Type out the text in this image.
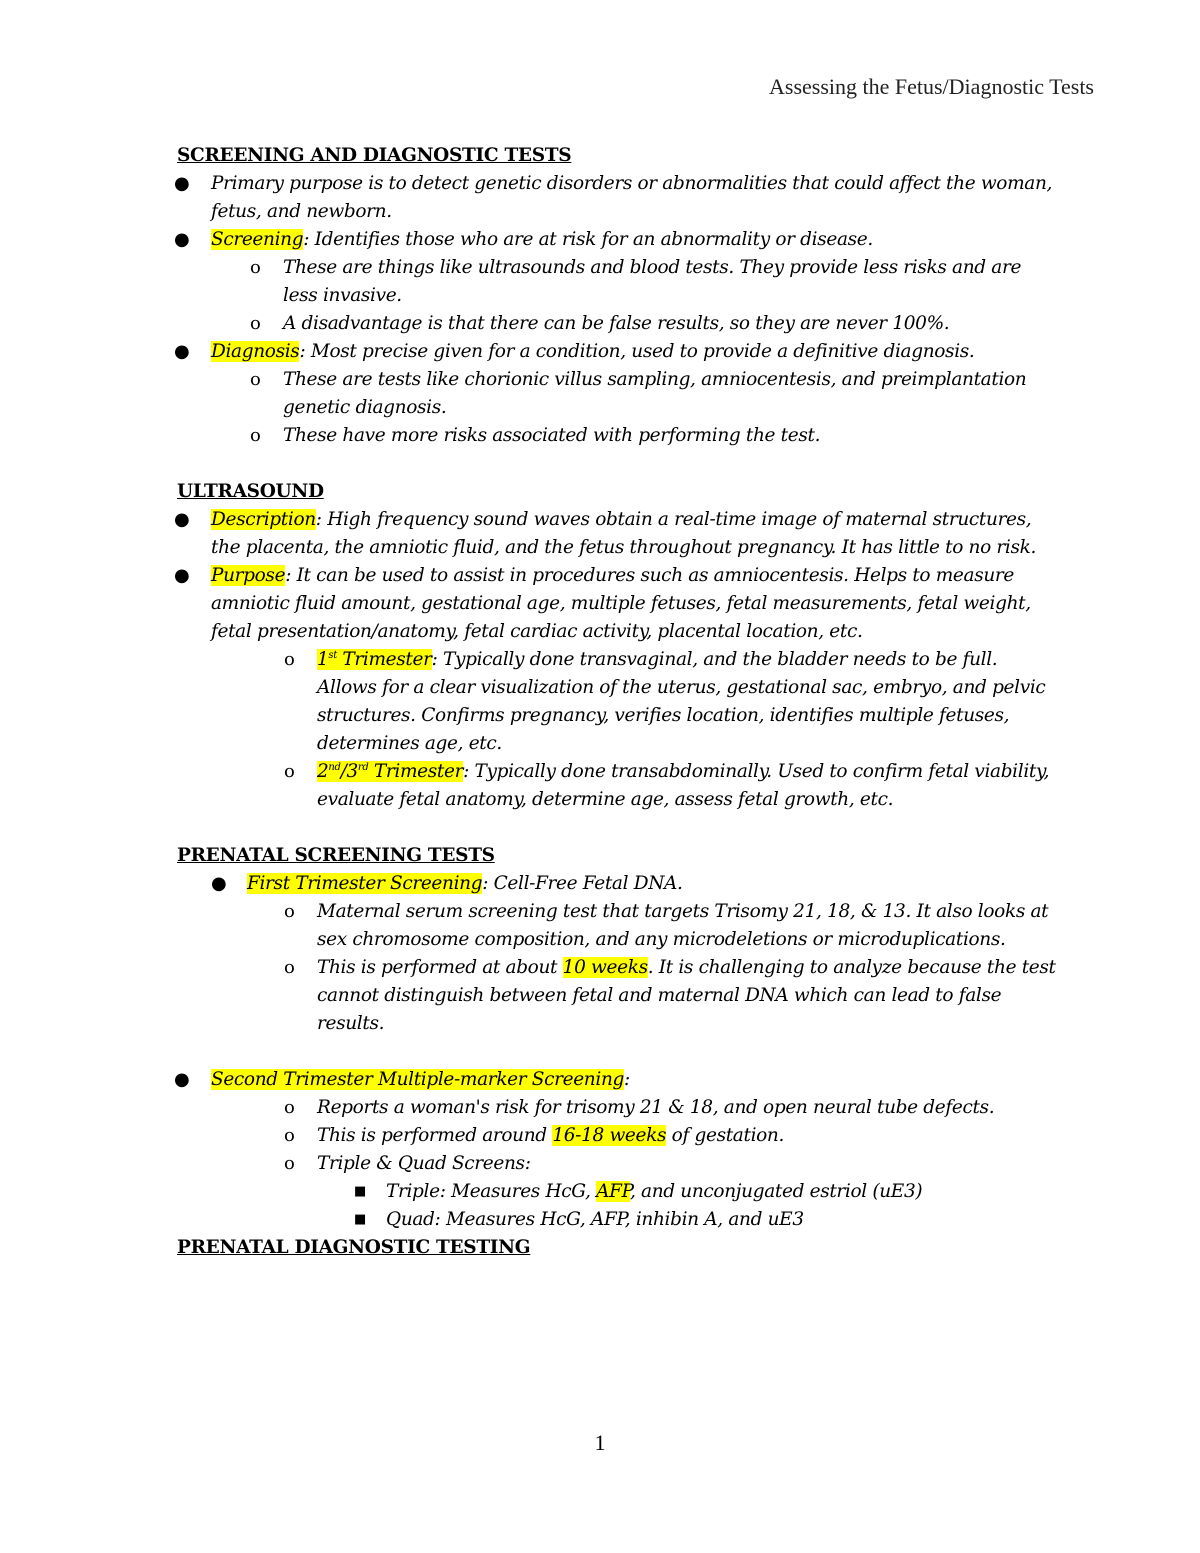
Assessing the Fetus/Diagnostic Tests
SCREENING AND DIAGNOSTIC TESTS
● Primary purpose is to detect genetic disorders or abnormalities that could affect the woman, fetus, and newborn.
● Screening: Identifies those who are at risk for an abnormality or disease.
o These are things like ultrasounds and blood tests. They provide less risks and are less invasive.
o A disadvantage is that there can be false results, so they are never 100%.
● Diagnosis: Most precise given for a condition, used to provide a definitive diagnosis.
o These are tests like chorionic villus sampling, amniocentesis, and preimplantation genetic diagnosis.
o These have more risks associated with performing the test.
ULTRASOUND
● Description: High frequency sound waves obtain a real-time image of maternal structures, the placenta, the amniotic fluid, and the fetus throughout pregnancy. It has little to no risk.
● Purpose: It can be used to assist in procedures such as amniocentesis. Helps to measure amniotic fluid amount, gestational age, multiple fetuses, fetal measurements, fetal weight, fetal presentation/anatomy, fetal cardiac activity, placental location, etc.
o 1st Trimester: Typically done transvaginal, and the bladder needs to be full. Allows for a clear visualization of the uterus, gestational sac, embryo, and pelvic structures. Confirms pregnancy, verifies location, identifies multiple fetuses, determines age, etc.
o 2nd/3rd Trimester: Typically done transabdominally. Used to confirm fetal viability, evaluate fetal anatomy, determine age, assess fetal growth, etc.
PRENATAL SCREENING TESTS
● First Trimester Screening: Cell-Free Fetal DNA.
o Maternal serum screening test that targets Trisomy 21, 18, & 13. It also looks at sex chromosome composition, and any microdeletions or microduplications.
o This is performed at about 10 weeks. It is challenging to analyze because the test cannot distinguish between fetal and maternal DNA which can lead to false results.
● Second Trimester Multiple-marker Screening:
o Reports a woman's risk for trisomy 21 & 18, and open neural tube defects.
o This is performed around 16-18 weeks of gestation.
o Triple & Quad Screens:
■ Triple: Measures HcG, AFP, and unconjugated estriol (uE3)
■ Quad: Measures HcG, AFP, inhibin A, and uE3
PRENATAL DIAGNOSTIC TESTING
1
